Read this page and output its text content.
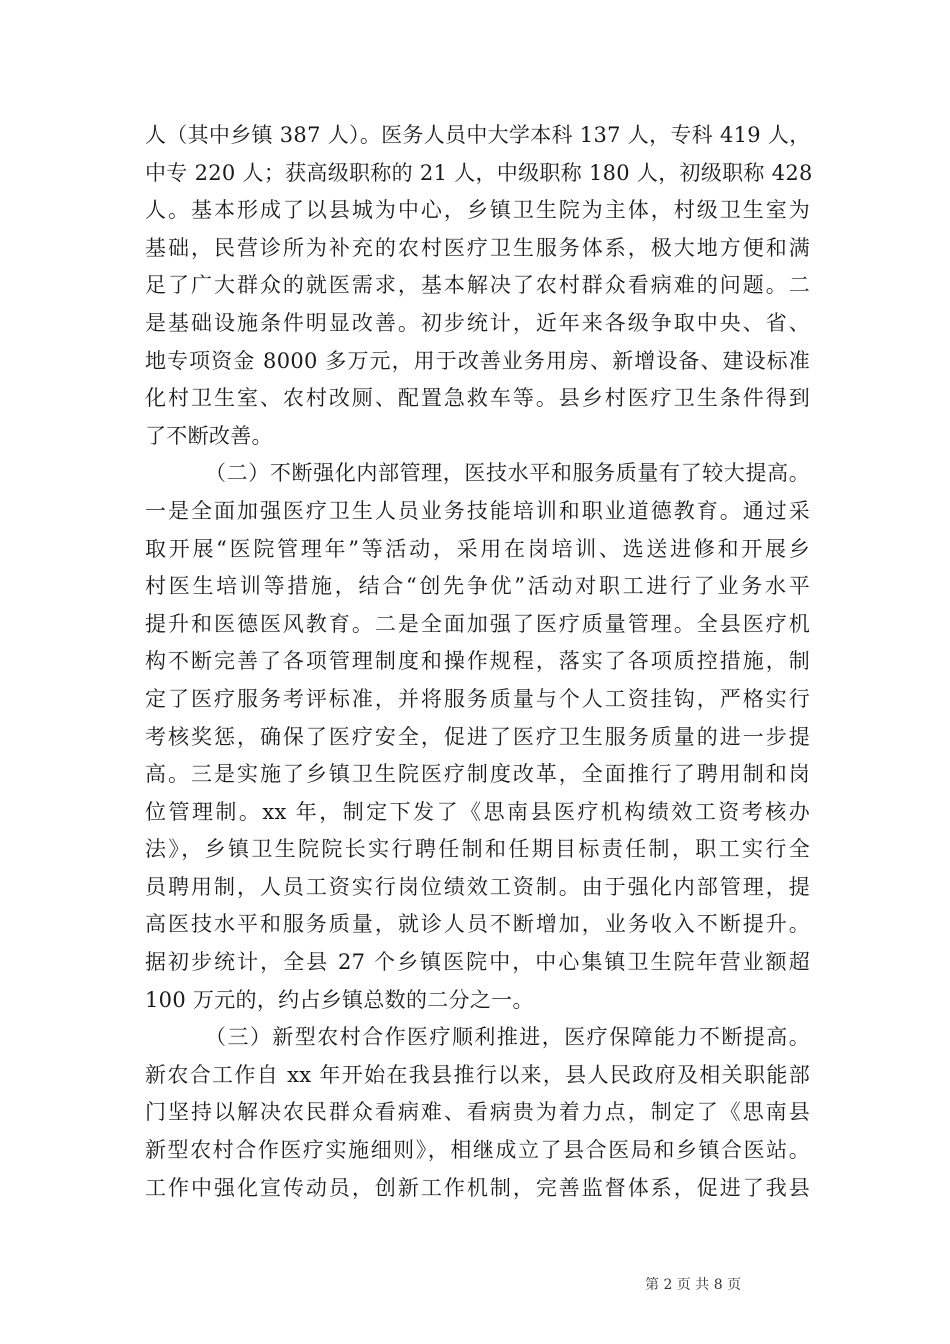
人（其中乡镇 387 人）。医务人员中大学本科 137 人，专科 419 人，
中专 220 人；获高级职称的 21 人，中级职称 180 人，初级职称 428
人。基本形成了以县城为中心，乡镇卫生院为主体，村级卫生室为
基础，民营诊所为补充的农村医疗卫生服务体系，极大地方便和满
足了广大群众的就医需求，基本解决了农村群众看病难的问题。二
是基础设施条件明显改善。初步统计，近年来各级争取中央、省、
地专项资金 8000 多万元，用于改善业务用房、新增设备、建设标准
化村卫生室、农村改厕、配置急救车等。县乡村医疗卫生条件得到
了不断改善。
（二）不断强化内部管理，医技水平和服务质量有了较大提高。
一是全面加强医疗卫生人员业务技能培训和职业道德教育。通过采
取开展“医院管理年”等活动，采用在岗培训、选送进修和开展乡
村医生培训等措施，结合“创先争优”活动对职工进行了业务水平
提升和医德医风教育。二是全面加强了医疗质量管理。全县医疗机
构不断完善了各项管理制度和操作规程，落实了各项质控措施，制
定了医疗服务考评标准，并将服务质量与个人工资挂钩，严格实行
考核奖惩，确保了医疗安全，促进了医疗卫生服务质量的进一步提
高。三是实施了乡镇卫生院医疗制度改革，全面推行了聘用制和岗
位管理制。xx 年，制定下发了《思南县医疗机构绩效工资考核办
法》，乡镇卫生院院长实行聘任制和任期目标责任制，职工实行全
员聘用制，人员工资实行岗位绩效工资制。由于强化内部管理，提
高医技水平和服务质量，就诊人员不断增加，业务收入不断提升。
据初步统计，全县 27 个乡镇医院中，中心集镇卫生院年营业额超
100 万元的，约占乡镇总数的二分之一。
（三）新型农村合作医疗顺利推进，医疗保障能力不断提高。
新农合工作自 xx 年开始在我县推行以来，县人民政府及相关职能部
门坚持以解决农民群众看病难、看病贵为着力点，制定了《思南县
新型农村合作医疗实施细则》，相继成立了县合医局和乡镇合医站。
工作中强化宣传动员，创新工作机制，完善监督体系，促进了我县
第 2 页 共 8 页
